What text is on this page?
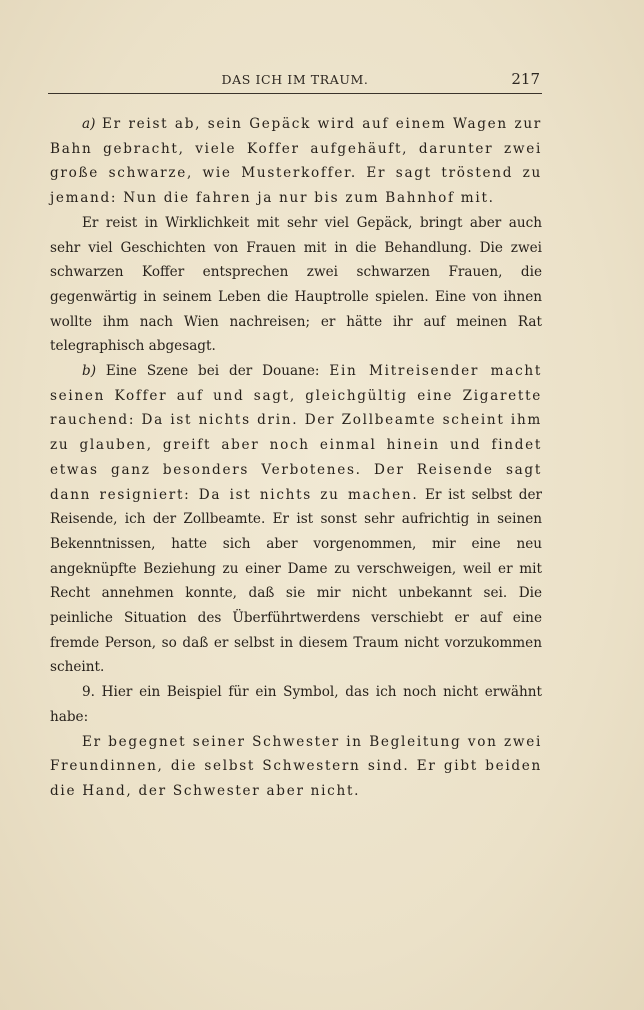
DAS ICH IM TRAUM.	217

a) Er reist ab, sein Gepäck wird auf einem Wagen zur Bahn gebracht, viele Koffer aufgehäuft, darunter zwei große schwarze, wie Musterkoffer. Er sagt tröstend zu jemand: Nun die fahren ja nur bis zum Bahnhof mit.

Er reist in Wirklichkeit mit sehr viel Gepäck, bringt aber auch sehr viel Geschichten von Frauen mit in die Behandlung. Die zwei schwarzen Koffer entsprechen zwei schwarzen Frauen, die gegenwärtig in seinem Leben die Hauptrolle spielen. Eine von ihnen wollte ihm nach Wien nachreisen; er hätte ihr auf meinen Rat telegraphisch abgesagt.

b) Eine Szene bei der Douane: Ein Mitreisender macht seinen Koffer auf und sagt, gleichgültig eine Zigarette rauchend: Da ist nichts drin. Der Zollbeamte scheint ihm zu glauben, greift aber noch einmal hinein und findet etwas ganz besonders Verbotenes. Der Reisende sagt dann resigniert: Da ist nichts zu machen. Er ist selbst der Reisende, ich der Zollbeamte. Er ist sonst sehr aufrichtig in seinen Bekenntnissen, hatte sich aber vorgenommen, mir eine neu angeknüpfte Beziehung zu einer Dame zu verschweigen, weil er mit Recht annehmen konnte, daß sie mir nicht unbekannt sei. Die peinliche Situation des Überführtwerdens verschiebt er auf eine fremde Person, so daß er selbst in diesem Traum nicht vorzukommen scheint.

9. Hier ein Beispiel für ein Symbol, das ich noch nicht erwähnt habe:

Er begegnet seiner Schwester in Begleitung von zwei Freundinnen, die selbst Schwestern sind. Er gibt beiden die Hand, der Schwester aber nicht.
